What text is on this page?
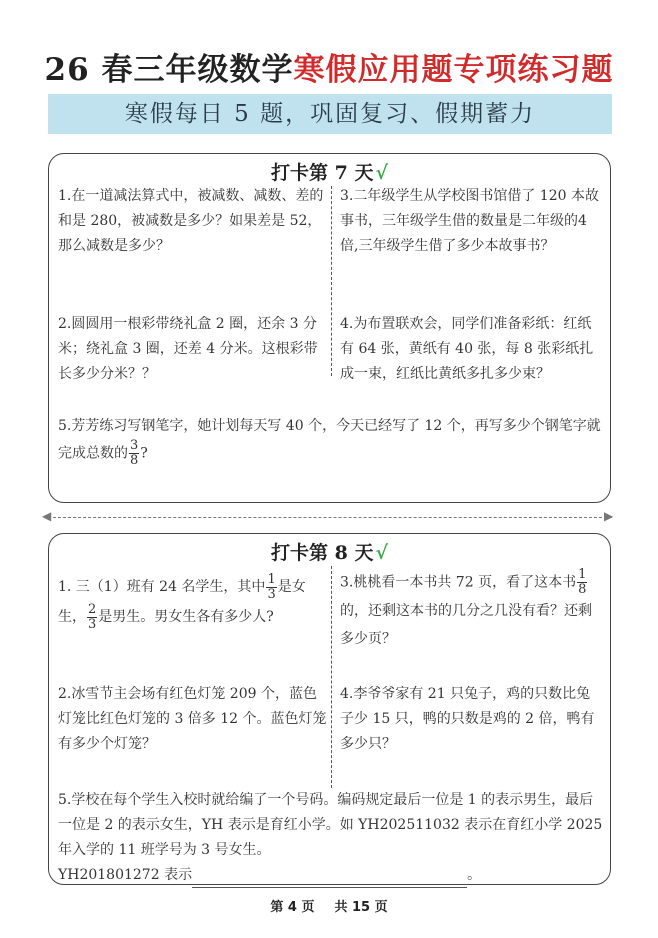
26 春三年级数学寒假应用题专项练习题
寒假每日 5 题，巩固复习、假期蓄力
打卡第 7 天 √
1.在一道减法算式中，被减数、减数、差的和是 280，被减数是多少？如果差是 52，那么减数是多少？
3.二年级学生从学校图书馆借了 120 本故事书，三年级学生借的数量是二年级的4倍,三年级学生借了多少本故事书？
2.圆圆用一根彩带绕礼盒 2 圈，还余 3 分米；绕礼盒 3 圈，还差 4 分米。这根彩带长多少分米？？
4.为布置联欢会，同学们准备彩纸：红纸有 64 张，黄纸有 40 张，每 8 张彩纸扎成一束，红纸比黄纸多扎多少束？
5.芳芳练习写钢笔字，她计划每天写 40 个，今天已经写了 12 个，再写多少个钢笔字就完成总数的 $\frac{3}{8}$ ?
◀	▶
打卡第 8 天 √
1. 三（1）班有 24 名学生，其中 $\frac{1}{3}$ 是女生， $\frac{2}{3}$ 是男生。男女生各有多少人?
3.桃桃看一本书共 72 页，看了这本书 $\frac{1}{8}$
的，还剩这本书的几分之几没有看？还剩多少页？
2.冰雪节主会场有红色灯笼 209 个，蓝色灯笼比红色灯笼的 3 倍多 12 个。蓝色灯笼有多少个灯笼？
4.李爷爷家有 21 只兔子，鸡的只数比兔子少 15 只，鸭的只数是鸡的 2 倍，鸭有多少只？
5.学校在每个学生入校时就给编了一个号码。编码规定最后一位是 1 的表示男生，最后一位是 2 的表示女生，YH 表示是育红小学。如 YH202511032 表示在育红小学 2025 年入学的 11 班学号为 3 号女生。
YH201801272 表示	。
第 4 页 共 15 页
